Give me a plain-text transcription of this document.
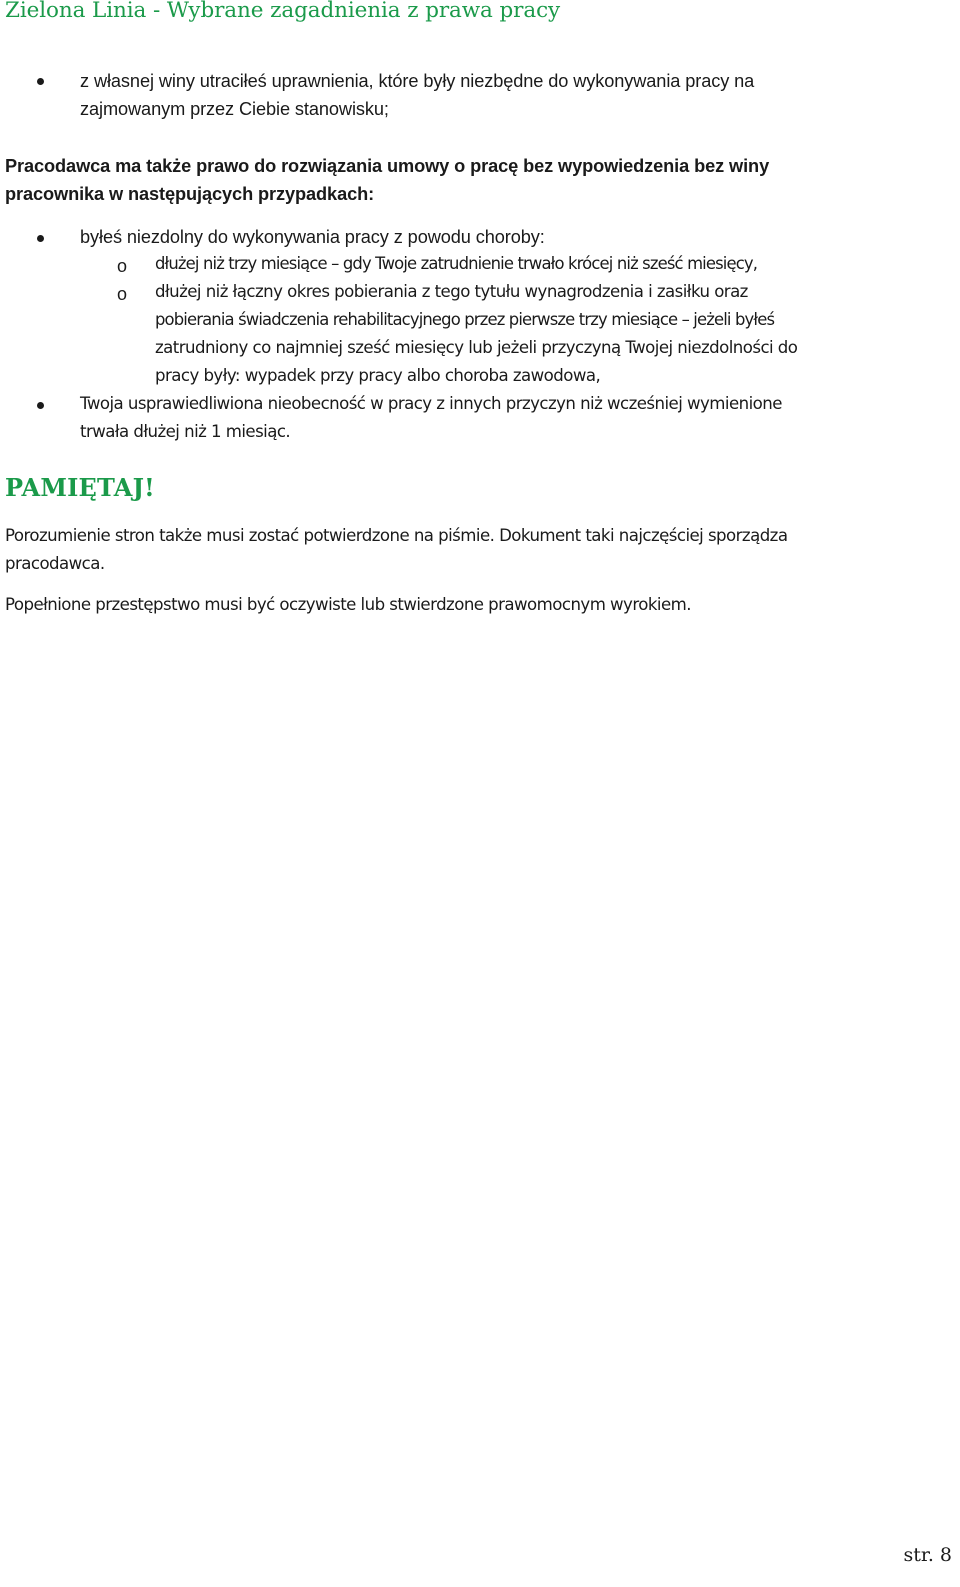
Zielona Linia - Wybrane zagadnienia z prawa pracy
z własnej winy utraciłeś uprawnienia, które były niezbędne do wykonywania pracy na
zajmowanym przez Ciebie stanowisku;
Pracodawca ma także prawo do rozwiązania umowy o pracę bez wypowiedzenia bez winy
pracownika w następujących przypadkach:
byłeś niezdolny do wykonywania pracy z powodu choroby:
o dłużej niż trzy miesiące – gdy Twoje zatrudnienie trwało krócej niż sześć miesięcy,
o dłużej niż łączny okres pobierania z tego tytułu wynagrodzenia i zasiłku oraz
pobierania świadczenia rehabilitacyjnego przez pierwsze trzy miesiące – jeżeli byłeś
zatrudniony co najmniej sześć miesięcy lub jeżeli przyczyną Twojej niezdolności do
pracy były: wypadek przy pracy albo choroba zawodowa,
Twoja usprawiedliwiona nieobecność w pracy z innych przyczyn niż wcześniej wymienione
trwała dłużej niż 1 miesiąc.
PAMIĘTAJ!
Porozumienie stron także musi zostać potwierdzone na piśmie. Dokument taki najczęściej sporządza
pracodawca.
Popełnione przestępstwo musi być oczywiste lub stwierdzone prawomocnym wyrokiem.
str. 8
